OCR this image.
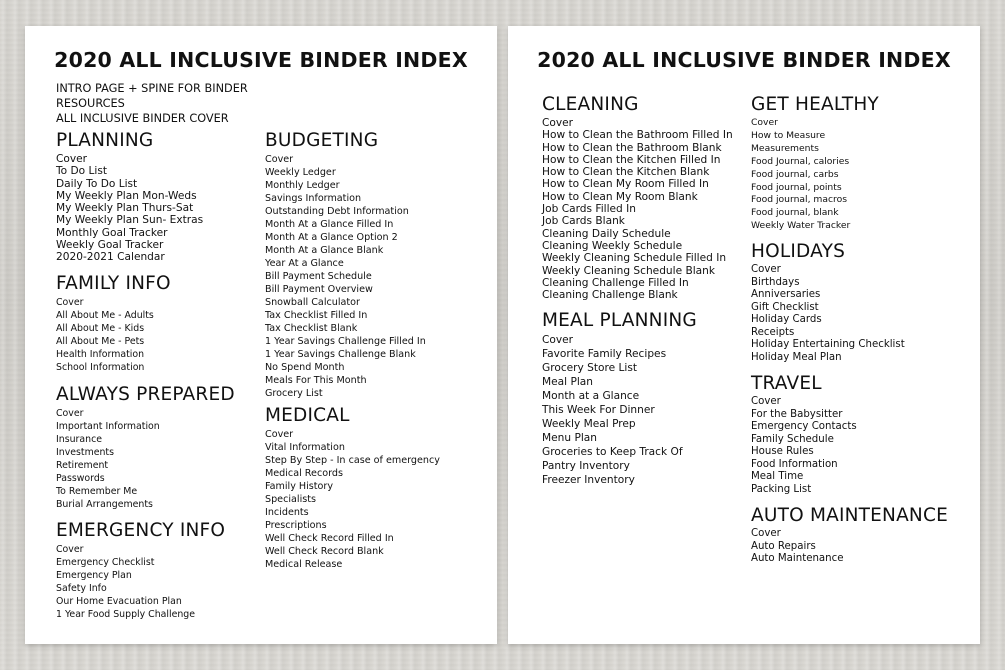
2020 ALL INCLUSIVE BINDER INDEX
INTRO PAGE + SPINE FOR BINDER
RESOURCES
ALL INCLUSIVE BINDER COVER
PLANNING
Cover
To Do List
Daily To Do List
My Weekly Plan Mon-Weds
My Weekly Plan Thurs-Sat
My Weekly Plan Sun- Extras
Monthly Goal Tracker
Weekly Goal Tracker
2020-2021 Calendar
FAMILY INFO
Cover
All About Me - Adults
All About Me - Kids
All About Me - Pets
Health Information
School Information
ALWAYS PREPARED
Cover
Important Information
Insurance
Investments
Retirement
Passwords
To Remember Me
Burial Arrangements
EMERGENCY INFO
Cover
Emergency Checklist
Emergency Plan
Safety Info
Our Home Evacuation Plan
1 Year Food Supply Challenge
BUDGETING
Cover
Weekly Ledger
Monthly Ledger
Savings Information
Outstanding Debt Information
Month At a Glance Filled In
Month At a Glance Option 2
Month At a Glance Blank
Year At a Glance
Bill Payment Schedule
Bill Payment Overview
Snowball Calculator
Tax Checklist Filled In
Tax Checklist Blank
1 Year Savings Challenge Filled In
1 Year Savings Challenge Blank
No Spend Month
Meals For This Month
Grocery List
MEDICAL
Cover
Vital Information
Step By Step - In case of emergency
Medical Records
Family History
Specialists
Incidents
Prescriptions
Well Check Record Filled In
Well Check Record Blank
Medical Release
2020 ALL INCLUSIVE BINDER INDEX
CLEANING
Cover
How to Clean the Bathroom Filled In
How to Clean the Bathroom Blank
How to Clean the Kitchen Filled In
How to Clean the Kitchen Blank
How to Clean My Room Filled In
How to Clean My Room Blank
Job Cards Filled In
Job Cards Blank
Cleaning Daily Schedule
Cleaning Weekly Schedule
Weekly Cleaning Schedule Filled In
Weekly Cleaning Schedule Blank
Cleaning Challenge Filled In
Cleaning Challenge Blank
MEAL PLANNING
Cover
Favorite Family Recipes
Grocery Store List
Meal Plan
Month at a Glance
This Week For Dinner
Weekly Meal Prep
Menu Plan
Groceries to Keep Track Of
Pantry Inventory
Freezer Inventory
GET HEALTHY
Cover
How to Measure
Measurements
Food Journal, calories
Food journal, carbs
Food journal, points
Food journal, macros
Food journal, blank
Weekly Water Tracker
HOLIDAYS
Cover
Birthdays
Anniversaries
Gift Checklist
Holiday Cards
Receipts
Holiday Entertaining Checklist
Holiday Meal Plan
TRAVEL
Cover
For the Babysitter
Emergency Contacts
Family Schedule
House Rules
Food Information
Meal Time
Packing List
AUTO MAINTENANCE
Cover
Auto Repairs
Auto Maintenance
